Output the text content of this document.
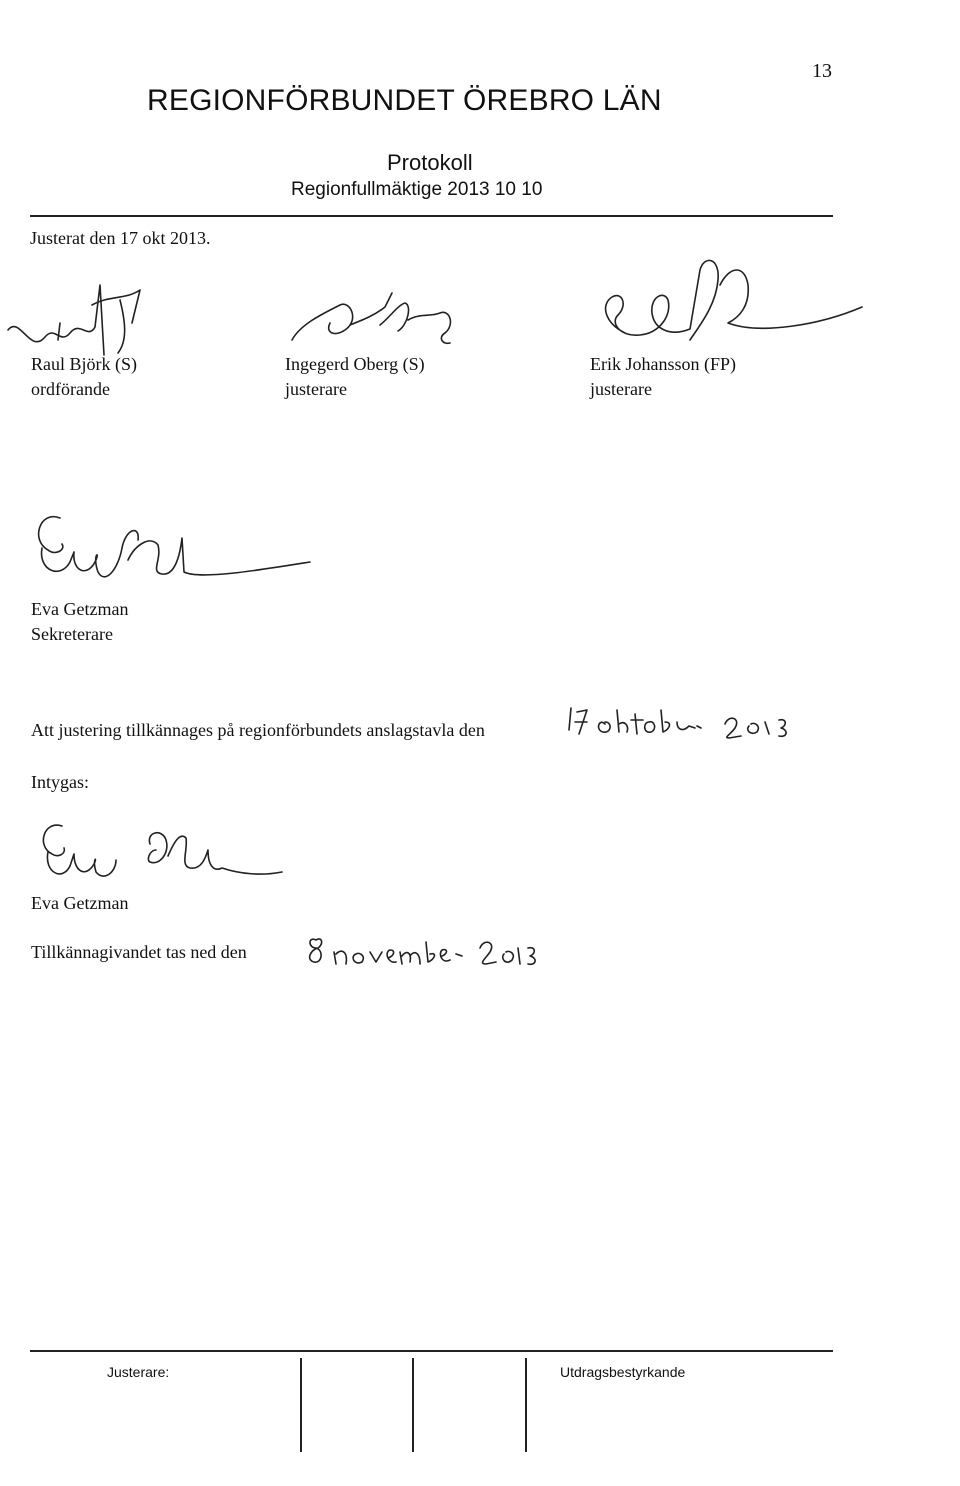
REGIONFÖRBUNDET ÖREBRO LÄN
13
Protokoll
Regionfullmäktige 2013 10 10
Justerat den 17 okt 2013.
Raul Björk (S)
ordförande
Ingegerd Oberg (S)
justerare
Erik Johansson (FP)
justerare
Eva Getzman
Sekreterare
Att justering tillkännages på regionförbundets anslagstavla den
Intygas:
Eva Getzman
Tillkännagivandet tas ned den
Justerare:	Utdragsbestyrkande
